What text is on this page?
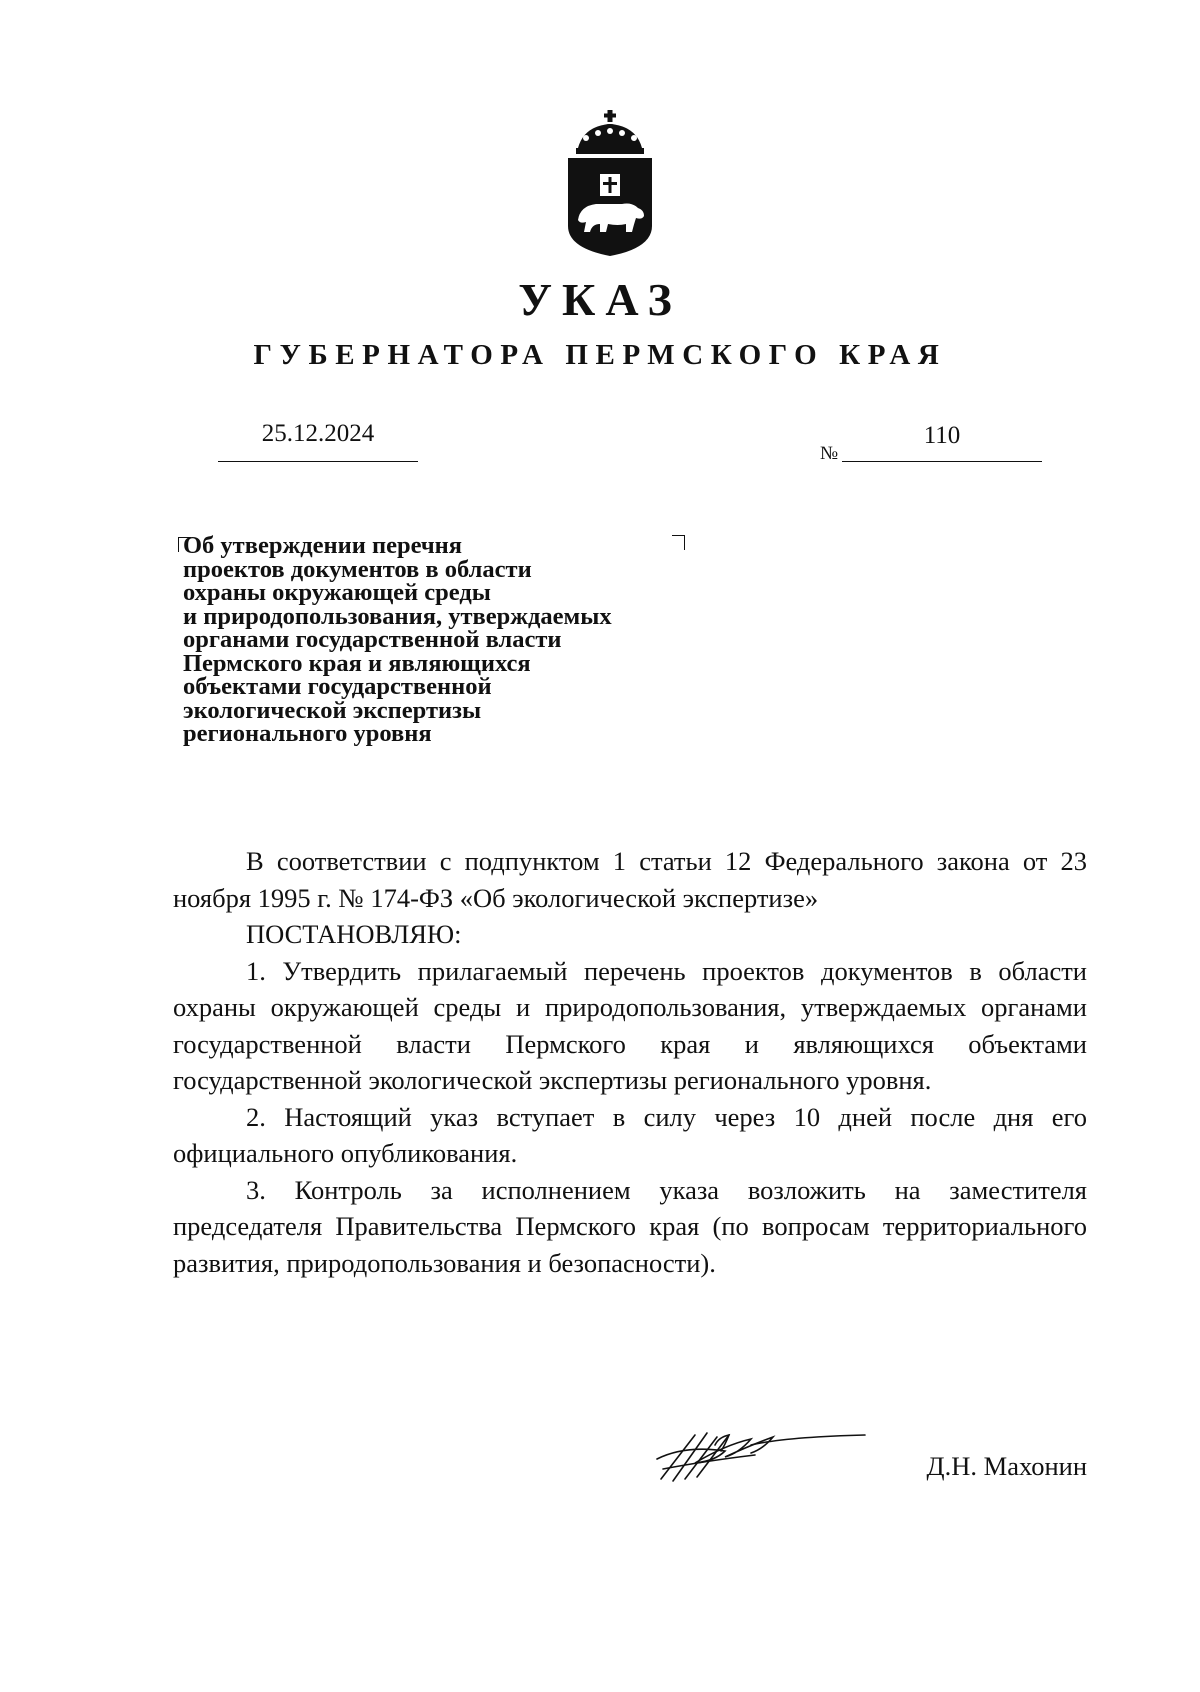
УКАЗ
ГУБЕРНАТОРА ПЕРМСКОГО КРАЯ
25.12.2024
№
110
Об утверждении перечня
проектов документов в области
охраны окружающей среды
и природопользования, утверждаемых
органами государственной власти
Пермского края и являющихся
объектами государственной
экологической экспертизы
регионального уровня

В соответствии с подпунктом 1 статьи 12 Федерального закона от 23 ноября 1995 г. № 174-ФЗ «Об экологической экспертизе»

ПОСТАНОВЛЯЮ:

1. Утвердить прилагаемый перечень проектов документов в области охраны окружающей среды и природопользования, утверждаемых органами государственной власти Пермского края и являющихся объектами государственной экологической экспертизы регионального уровня.

2. Настоящий указ вступает в силу через 10 дней после дня его официального опубликования.

3. Контроль за исполнением указа возложить на заместителя председателя Правительства Пермского края (по вопросам территориального развития, природопользования и безопасности).

Д.Н. Махонин
